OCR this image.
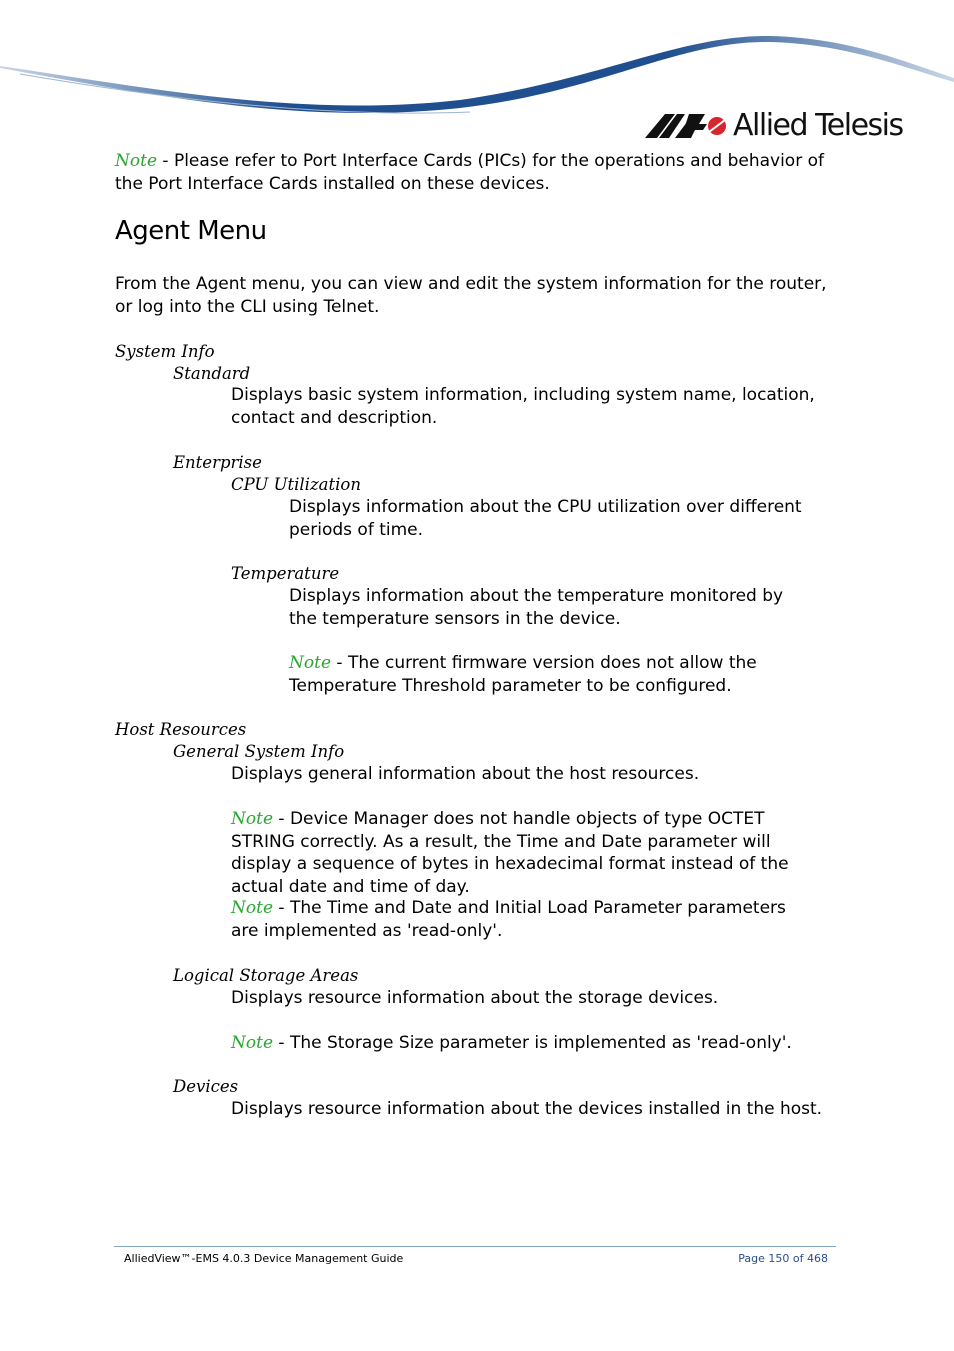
Allied Telesis

Note - Please refer to Port Interface Cards (PICs) for the operations and behavior of the Port Interface Cards installed on these devices.

Agent Menu

From the Agent menu, you can view and edit the system information for the router, or log into the CLI using Telnet.

System Info

Standard

Displays basic system information, including system name, location, contact and description.

Enterprise

CPU Utilization

Displays information about the CPU utilization over different periods of time.

Temperature

Displays information about the temperature monitored by the temperature sensors in the device.

Note - The current firmware version does not allow the Temperature Threshold parameter to be configured.

Host Resources

General System Info

Displays general information about the host resources.

Note - Device Manager does not handle objects of type OCTET STRING correctly. As a result, the Time and Date parameter will display a sequence of bytes in hexadecimal format instead of the actual date and time of day.

Note - The Time and Date and Initial Load Parameter parameters are implemented as 'read-only'.

Logical Storage Areas

Displays resource information about the storage devices.

Note - The Storage Size parameter is implemented as 'read-only'.

Devices

Displays resource information about the devices installed in the host.

AlliedView™-EMS 4.0.3 Device Management Guide	Page 150 of 468
